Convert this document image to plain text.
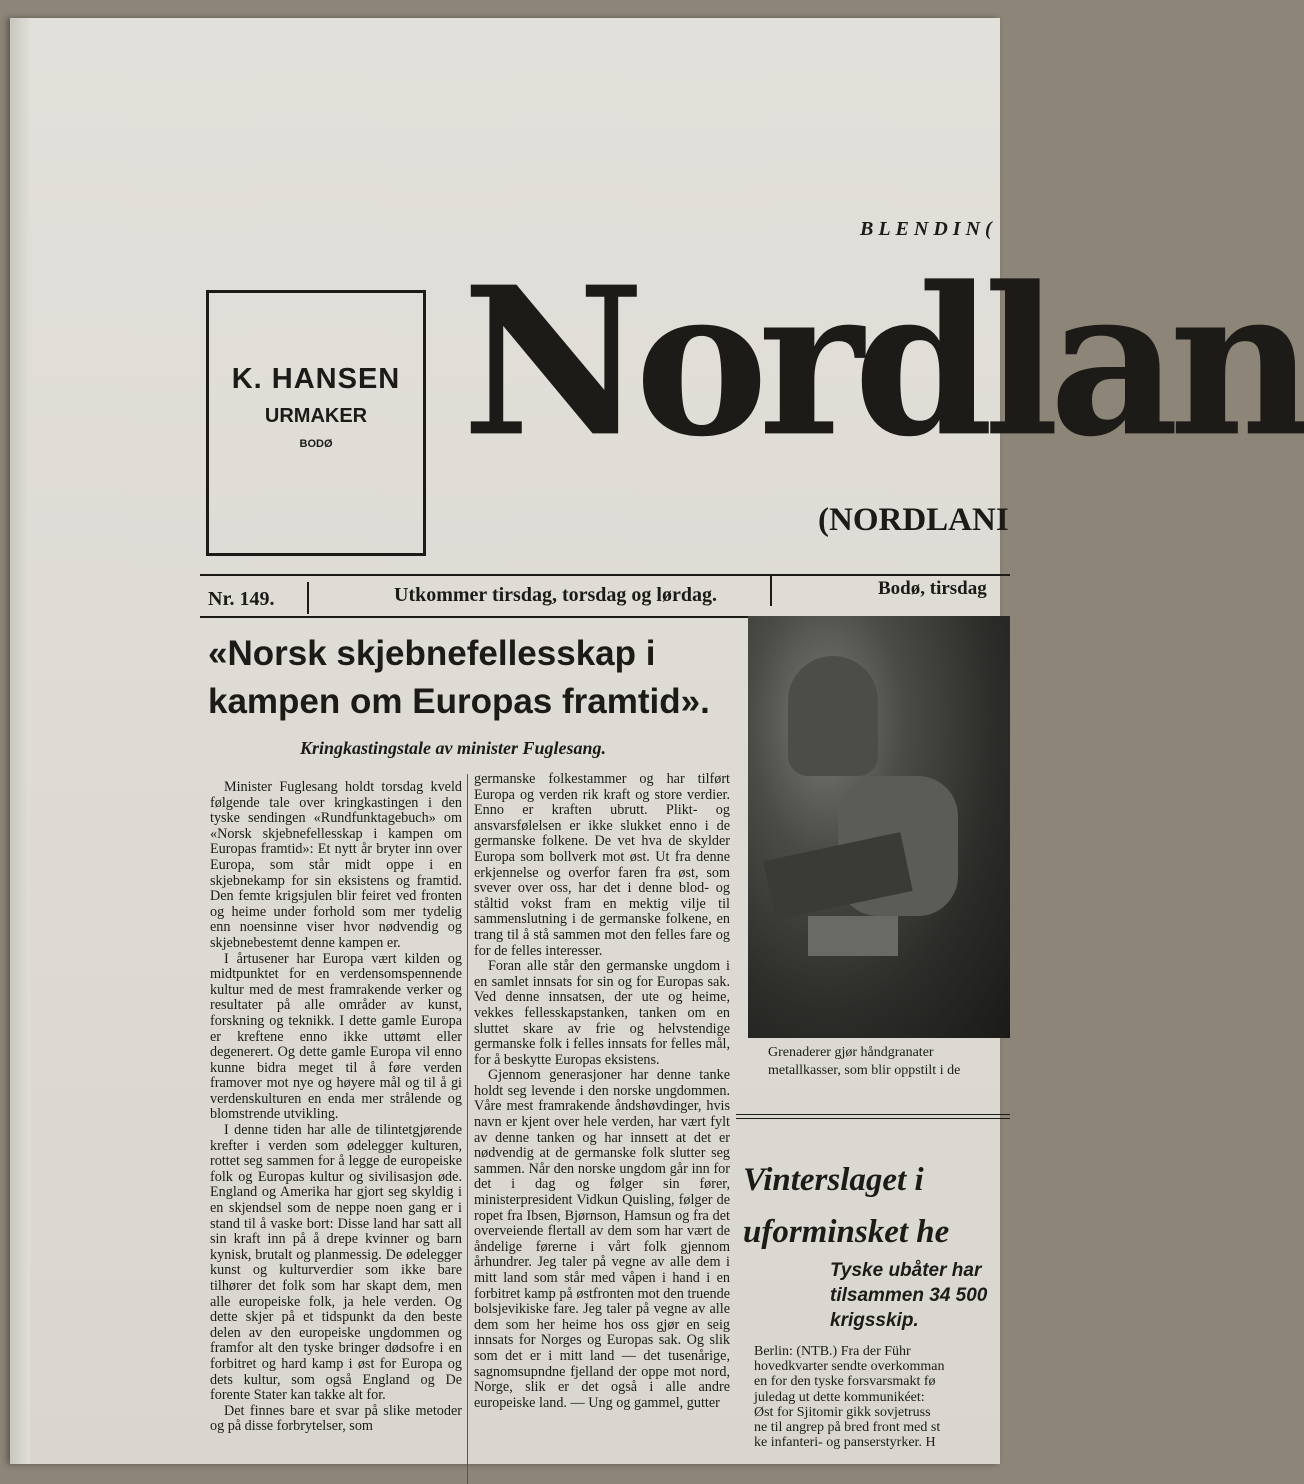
BLENDIN(
K. HANSEN
URMAKER
BODØ Nordlan
(NORDLANI
Nr. 149.	Utkommer tirsdag, torsdag og lørdag.	Bodø, tirsdag
«Norsk skjebnefellesskap i kampen om Europas framtid».
Kringkastingstale av minister Fuglesang.

Minister Fuglesang holdt torsdag kveld følgende tale over kringkastingen i den tyske sendingen «Rundfunktagebuch» om «Norsk skjebnefellesskap i kampen om Europas framtid»: Et nytt år bryter inn over Europa, som står midt oppe i en skjebnekamp for sin eksistens og framtid. Den femte krigsjulen blir feiret ved fronten og heime under forhold som mer tydelig enn noensinne viser hvor nødvendig og skjebnebestemt denne kampen er.

I årtusener har Europa vært kilden og midtpunktet for en verdensomspennende kultur med de mest framrakende verker og resultater på alle områder av kunst, forskning og teknikk. I dette gamle Europa er kreftene enno ikke uttømt eller degenerert. Og dette gamle Europa vil enno kunne bidra meget til å føre verden framover mot nye og høyere mål og til å gi verdenskulturen en enda mer strålende og blomstrende utvikling.

I denne tiden har alle de tilintetgjørende krefter i verden som ødelegger kulturen, rottet seg sammen for å legge de europeiske folk og Europas kultur og sivilisasjon øde. England og Amerika har gjort seg skyldig i en skjendsel som de neppe noen gang er i stand til å vaske bort: Disse land har satt all sin kraft inn på å drepe kvinner og barn kynisk, brutalt og planmessig. De ødelegger kunst og kulturverdier som ikke bare tilhører det folk som har skapt dem, men alle europeiske folk, ja hele verden. Og dette skjer på et tidspunkt da den beste delen av den europeiske ungdommen og framfor alt den tyske bringer dødsofre i en forbitret og hard kamp i øst for Europa og dets kultur, som også England og De forente Stater kan takke alt for.

Det finnes bare et svar på slike metoder og på disse forbrytelser, som

germanske folkestammer og har tilført Europa og verden rik kraft og store verdier. Enno er kraften ubrutt. Plikt- og ansvarsfølelsen er ikke slukket enno i de germanske folkene. De vet hva de skylder Europa som bollverk mot øst. Ut fra denne erkjennelse og overfor faren fra øst, som svever over oss, har det i denne blod- og ståltid vokst fram en mektig vilje til sammenslutning i de germanske folkene, en trang til å stå sammen mot den felles fare og for de felles interesser.

Foran alle står den germanske ungdom i en samlet innsats for sin og for Europas sak. Ved denne innsatsen, der ute og heime, vekkes fellesskapstanken, tanken om en sluttet skare av frie og helvstendige germanske folk i felles innsats for felles mål, for å beskytte Europas eksistens.

Gjennom generasjoner har denne tanke holdt seg levende i den norske ungdommen. Våre mest framrakende åndshøvdinger, hvis navn er kjent over hele verden, har vært fylt av denne tanken og har innsett at det er nødvendig at de germanske folk slutter seg sammen. Når den norske ungdom går inn for det i dag og følger sin fører, ministerpresident Vidkun Quisling, følger de ropet fra Ibsen, Bjørnson, Hamsun og fra det overveiende flertall av dem som har vært de åndelige førerne i vårt folk gjennom århundrer. Jeg taler på vegne av alle dem i mitt land som står med våpen i hand i en forbitret kamp på østfronten mot den truende bolsjevikiske fare. Jeg taler på vegne av alle dem som her heime hos oss gjør en seig innsats for Norges og Europas sak. Og slik som det er i mitt land — det tusenårige, sagnomsupndne fjelland der oppe mot nord, Norge, slik er det også i alle andre europeiske land. — Ung og gammel, gutter

Grenaderer gjør håndgranater
metallkasser, som blir oppstilt i de
Vinterslaget i
uforminsket he
Tyske ubåter har
tilsammen 34 500
krigsskip.
Berlin: (NTB.) Fra der Führ
hovedkvarter sendte overkomman
en for den tyske forsvarsmakt fø
juledag ut dette kommunikéet:
Øst for Sjitomir gikk sovjetruss
ne til angrep på bred front med st
ke infanteri- og panserstyrker. H
